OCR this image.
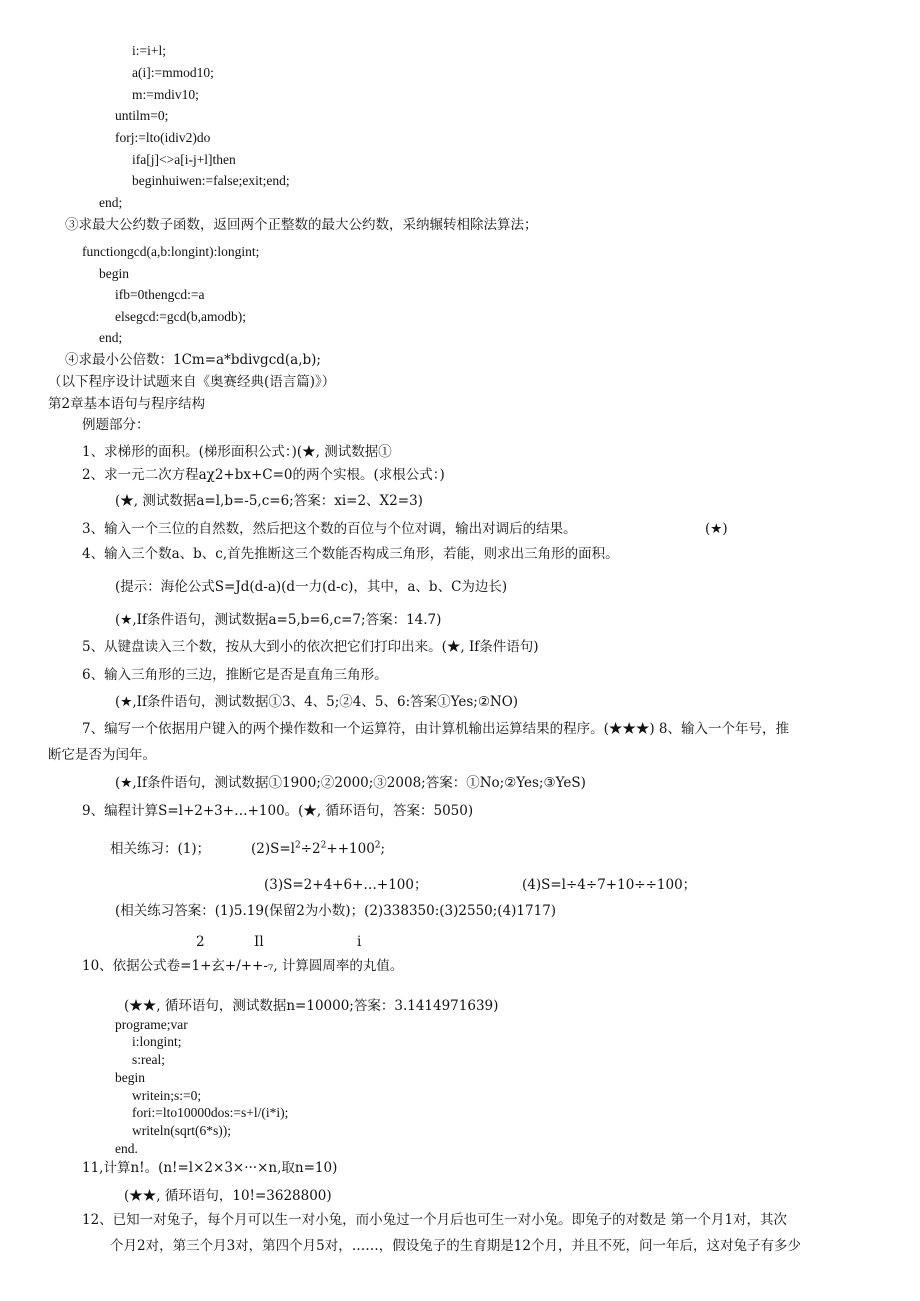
i:=i+l;
a(i]:=mmod10;
m:=mdiv10;
untilm=0;
forj:=lto(idiv2)do
ifa[j]<>a[i-j+l]then
beginhuiwen:=false;exit;end;
end;
③求最大公约数子函数，返回两个正整数的最大公约数，采纳辗转相除法算法；
functiongcd(a,b:longint):longint;
begin
ifb=0thengcd:=a
elsegcd:=gcd(b,amodb);
end;
④求最小公倍数：1Cm=a*bdivgcd(a,b);
（以下程序设计试题来自《奥赛经典(语言篇)》）
第2章基本语句与程序结构
例题部分：
1、求梯形的面积。(梯形面积公式：)(★, 测试数据①
2、求一元二次方程aχ2+bx+C=0的两个实根。(求根公式：)
(★, 测试数据a=l,b=-5,c=6;答案：xi=2、X2=3)
3、输入一个三位的自然数，然后把这个数的百位与个位对调，输出对调后的结果。	(★)
4、输入三个数a、b、c,首先推断这三个数能否构成三角形，若能，则求出三角形的面积。
(提示：海伦公式S=Jd(d-a)(d一力(d-c)，其中，a、b、C为边长)
(★,If条件语句，测试数据a=5,b=6,c=7;答案：14.7)
5、从键盘读入三个数，按从大到小的依次把它们打印出来。(★, If条件语句)
6、输入三角形的三边，推断它是否是直角三角形。
(★,If条件语句，测试数据①3、4、5;②4、5、6:答案①Yes;②NO)
7、编写一个依据用户键入的两个操作数和一个运算符，由计算机输出运算结果的程序。(★★★) 8、输入一个年号，推
断它是否为闰年。
(★,If条件语句，测试数据①1900;②2000;③2008;答案：①No;②Yes;③YeS)
9、编程计算S=l+2+3+…+100。(★, 循环语句，答案：5050)
相关练习：(1)；	$(2)S=l^2\div 2^2++100^2$;
(3)S=2+4+6+…+100；	(4)S=l÷4÷7+10÷÷100；
(相关练习答案：(1)5.19(保留2为小数)；(2)338350:(3)2550;(4)1717)
2	Il	i
10、依据公式卷=1+玄+/++-₇, 计算圆周率的丸值。
(★★, 循环语句，测试数据n=10000;答案：3.1414971639)
programe;var
i:longint;
s:real;
begin
writein;s:=0;
fori:=lto10000dos:=s+l/(i*i);
writeln(sqrt(6*s));
end.
11,计算n!。(n!=l×2×3×···×n,取n=10)
(★★, 循环语句，10!=3628800)
12、已知一对兔子，每个月可以生一对小兔，而小兔过一个月后也可生一对小兔。即兔子的对数是 第一个月1对，其次
个月2对，第三个月3对，第四个月5对，……，假设兔子的生育期是12个月，并且不死，问一年后，这对兔子有多少
